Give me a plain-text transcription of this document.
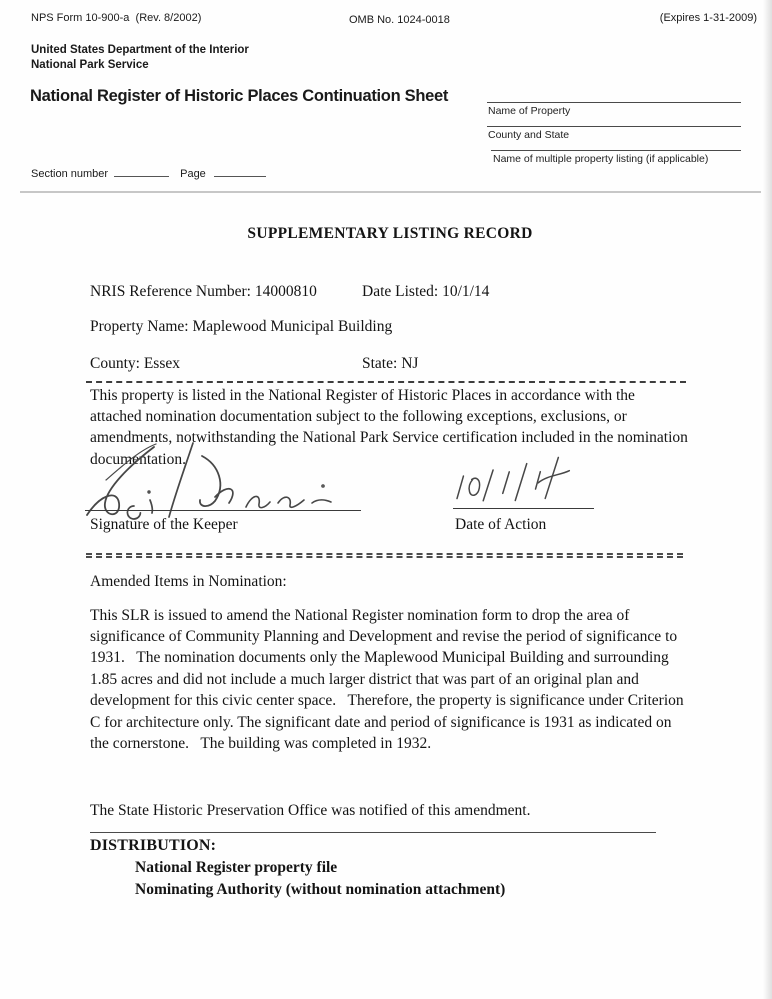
NPS Form 10-900-a  (Rev. 8/2002)	OMB No. 1024-0018	(Expires 1-31-2009)
United States Department of the Interior
National Park Service
National Register of Historic Places Continuation Sheet
Name of Property
County and State
Name of multiple property listing (if applicable)
Section number	Page
SUPPLEMENTARY LISTING RECORD
NRIS Reference Number: 14000810	Date Listed: 10/1/14
Property Name: Maplewood Municipal Building
County: Essex	State: NJ
This property is listed in the National Register of Historic Places in accordance with the attached nomination documentation subject to the following exceptions, exclusions, or amendments, notwithstanding the National Park Service certification included in the nomination documentation.
Signature of the Keeper	Date of Action
Amended Items in Nomination:
This SLR is issued to amend the National Register nomination form to drop the area of significance of Community Planning and Development and revise the period of significance to 1931.   The nomination documents only the Maplewood Municipal Building and surrounding 1.85 acres and did not include a much larger district that was part of an original plan and development for this civic center space.   Therefore, the property is significance under Criterion C for architecture only. The significant date and period of significance is 1931 as indicated on the cornerstone.   The building was completed in 1932.
The State Historic Preservation Office was notified of this amendment.
DISTRIBUTION:
National Register property file
Nominating Authority (without nomination attachment)
